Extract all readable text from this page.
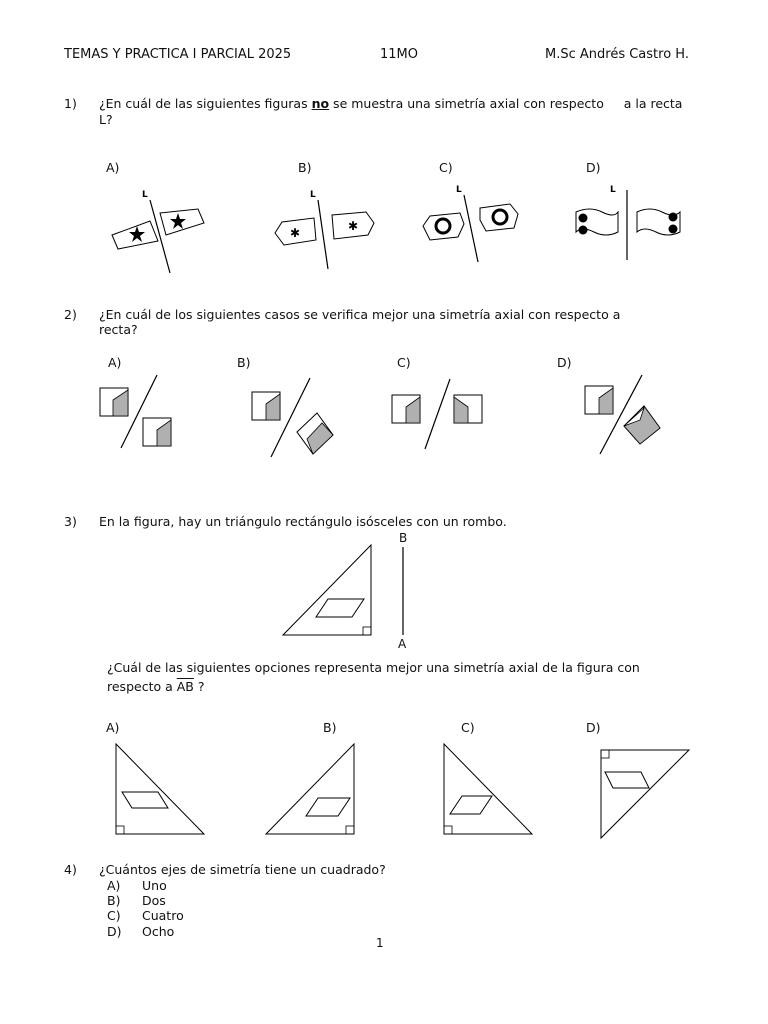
TEMAS Y PRACTICA I PARCIAL 2025	11MO	M.Sc Andrés Castro H.
1) ¿En cuál de las siguientes figuras no se muestra una simetría axial con respecto     a la recta
L?
A)	B)	C)	D)
L	L
✱	✱
L	L
2) ¿En cuál de los siguientes casos se verifica mejor una simetría axial con respecto a
recta?
A)	B)	C)	D)
3) En la figura, hay un triángulo rectángulo isósceles con un rombo.
B
A
¿Cuál de las siguientes opciones representa mejor una simetría axial de la figura con
respecto a $\overline{AB}$ ?
A)	B)	C)	D)
4) ¿Cuántos ejes de simetría tiene un cuadrado?
A) Uno
B) Dos
C) Cuatro
D) Ocho
1
